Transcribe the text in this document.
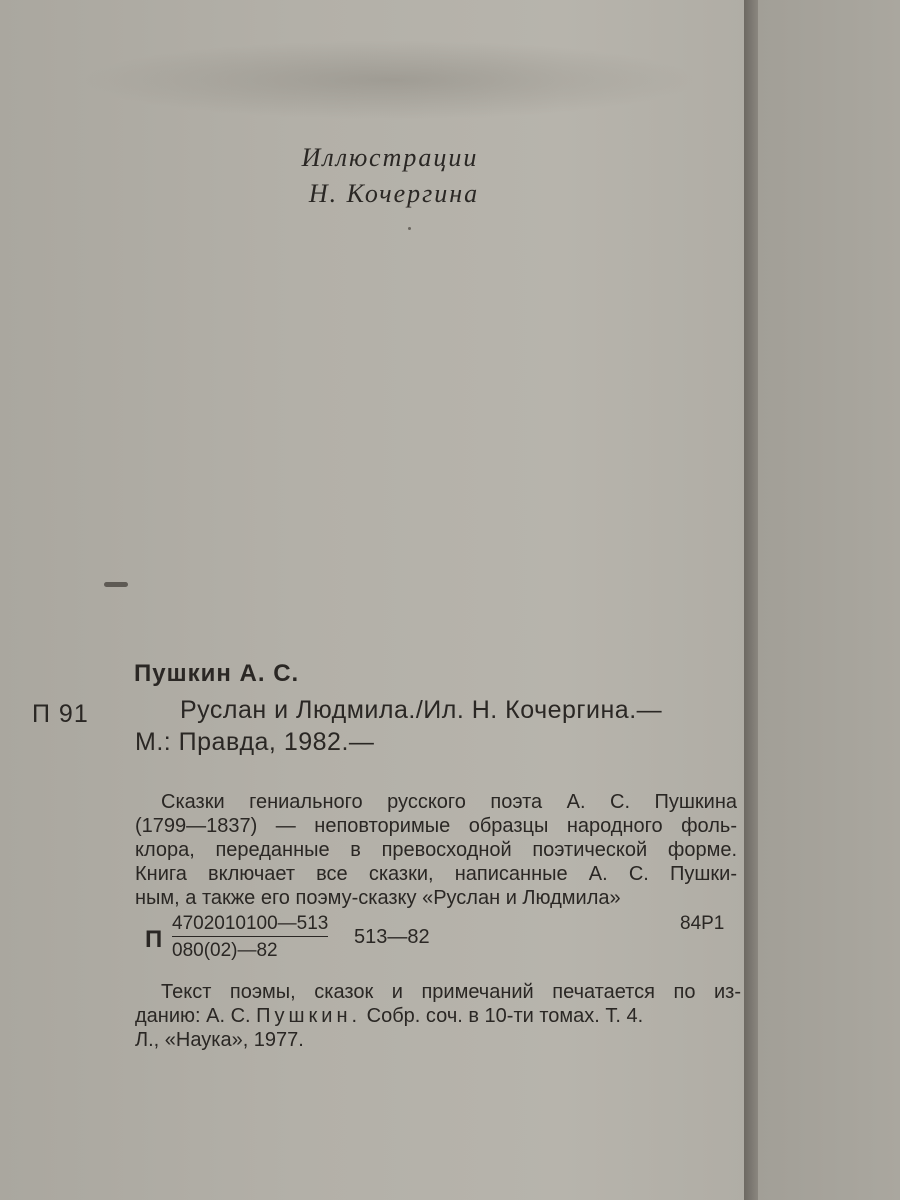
Иллюстрации
Н. Кочергина
Пушкин А. С.
П 91	Руслан и Людмила./Ил. Н. Кочергина.—
М.: Правда, 1982.—
Сказки гениального русского поэта А. С. Пушкина
(1799—1837) — неповторимые образцы народного фоль-
клора, переданные в превосходной поэтической форме.
Книга включает все сказки, написанные А. С. Пушки-
ным, а также его поэму-сказку «Руслан и Людмила»
П $\frac{4702010100—513}{080(02)—82}$ 513—82
84Р1
Текст поэмы, сказок и примечаний печатается по из-
данию: А. С. Пушкин. Собр. соч. в 10-ти томах. Т. 4.
Л., «Наука», 1977.
